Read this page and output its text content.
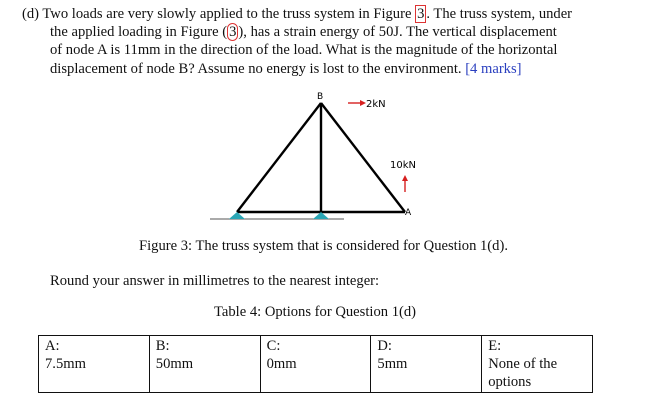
(d) Two loads are very slowly applied to the truss system in Figure 3 . The truss system, under
the applied loading in Figure ( 3 ), has a strain energy of 50J. The vertical displacement
of node A is 11mm in the direction of the load. What is the magnitude of the horizontal
displacement of node B? Assume no energy is lost to the environment. [4 marks]
B
A
2kN
10kN
Figure 3: The truss system that is considered for Question 1(d).
Round your answer in millimetres to the nearest integer:
Table 4: Options for Question 1(d)
A:
7.5mm

B:
50mm

C:
0mm

D:
5mm

E:
None of the options
